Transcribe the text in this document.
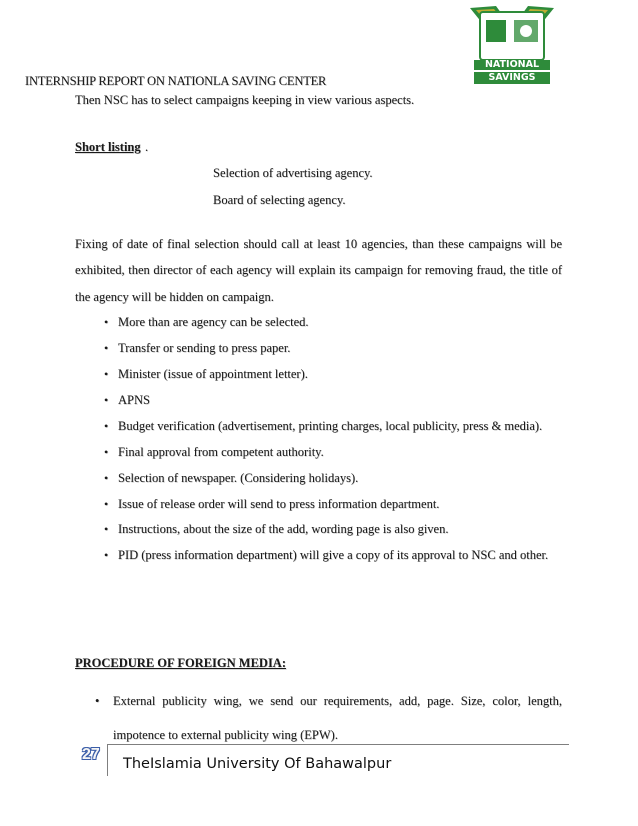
NATIONAL SAVINGS
INTERNSHIP REPORT ON NATIONLA SAVING CENTER
Then NSC has to select campaigns keeping in view various aspects.
Short listing .
Selection of advertising agency.
Board of selecting agency.
Fixing of date of final selection should call at least 10 agencies, than these campaigns will be
exhibited, then director of each agency will explain its campaign for removing fraud, the title of
the agency will be hidden on campaign.
• More than are agency can be selected.
• Transfer or sending to press paper.
• Minister (issue of appointment letter).
• APNS
• Budget verification (advertisement, printing charges, local publicity, press & media).
• Final approval from competent authority.
• Selection of newspaper. (Considering holidays).
• Issue of release order will send to press information department.
• Instructions, about the size of the add, wording page is also given.
• PID (press information department) will give a copy of its approval to NSC and other.
PROCEDURE OF FOREIGN MEDIA:
• External publicity wing, we send our requirements, add, page. Size, color, length,
impotence to external publicity wing (EPW).
27
TheIslamia University Of Bahawalpur
